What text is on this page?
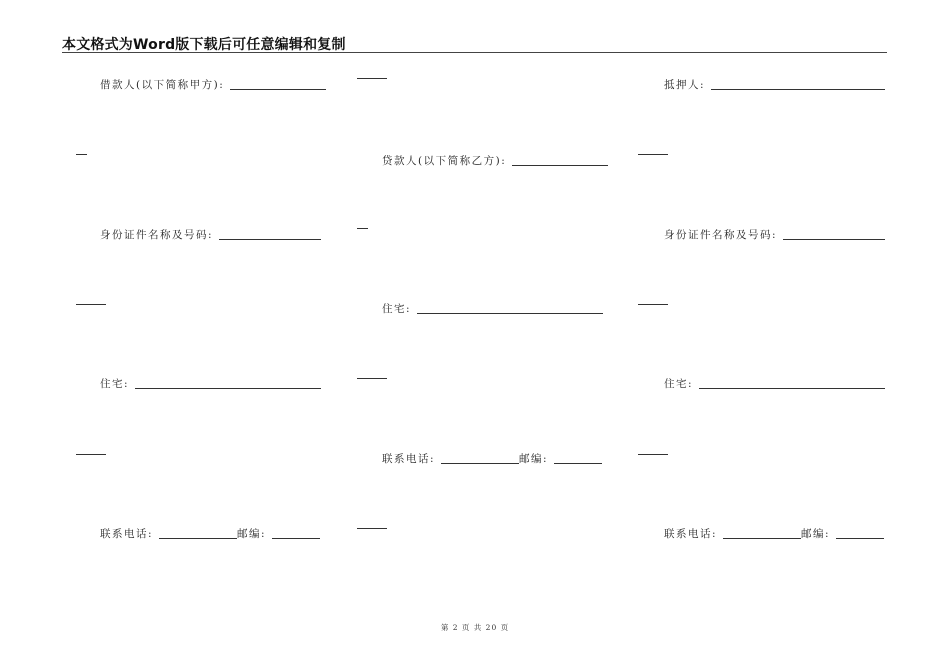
本文格式为Word版下载后可任意编辑和复制
借款人(以下简称甲方):	抵押人:
贷款人(以下简称乙方):
身份证件名称及号码:	身份证件名称及号码:
住宅:
住宅:	住宅:
联系电话:	邮编:
联系电话:	邮编:	联系电话:	邮编:
第 2 页 共 20 页
